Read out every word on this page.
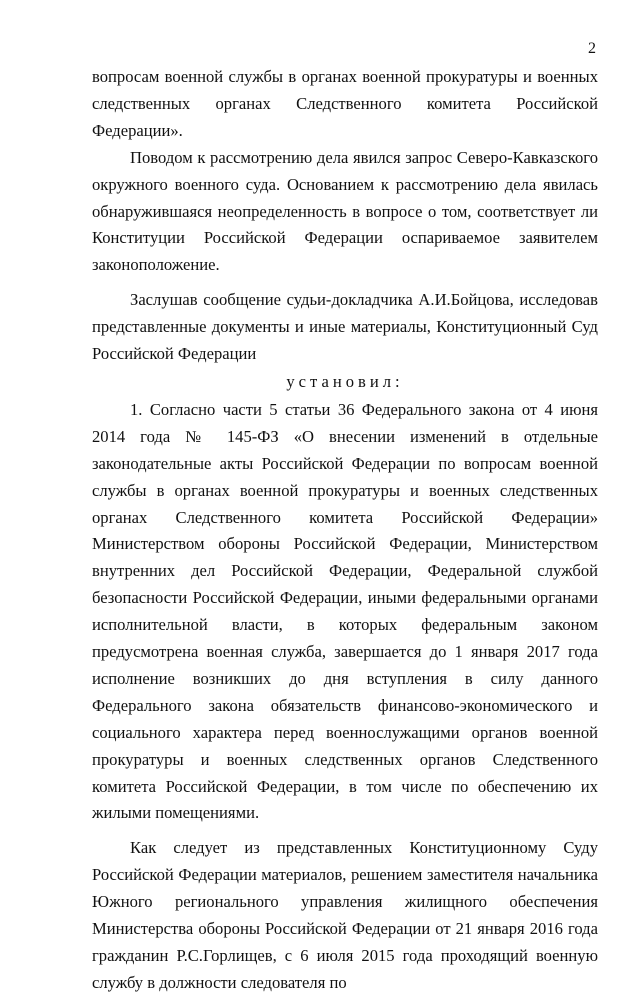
2

вопросам военной службы в органах военной прокуратуры и военных следственных органах Следственного комитета Российской Федерации».

Поводом к рассмотрению дела явился запрос Северо-Кавказского окружного военного суда. Основанием к рассмотрению дела явилась обнаружившаяся неопределенность в вопросе о том, соответствует ли Конституции Российской Федерации оспариваемое заявителем законоположение.

Заслушав сообщение судьи-докладчика А.И.Бойцова, исследовав представленные документы и иные материалы, Конституционный Суд Российской Федерации

установил:

1. Согласно части 5 статьи 36 Федерального закона от 4 июня 2014 года № 145-ФЗ «О внесении изменений в отдельные законодательные акты Российской Федерации по вопросам военной службы в органах военной прокуратуры и военных следственных органах Следственного комитета Российской Федерации» Министерством обороны Российской Федерации, Министерством внутренних дел Российской Федерации, Федеральной службой безопасности Российской Федерации, иными федеральными органами исполнительной власти, в которых федеральным законом предусмотрена военная служба, завершается до 1 января 2017 года исполнение возникших до дня вступления в силу данного Федерального закона обязательств финансово-экономического и социального характера перед военнослужащими органов военной прокуратуры и военных следственных органов Следственного комитета Российской Федерации, в том числе по обеспечению их жилыми помещениями.

Как следует из представленных Конституционному Суду Российской Федерации материалов, решением заместителя начальника Южного регионального управления жилищного обеспечения Министерства обороны Российской Федерации от 21 января 2016 года гражданин Р.С.Горлищев, с 6 июля 2015 года проходящий военную службу в должности следователя по
